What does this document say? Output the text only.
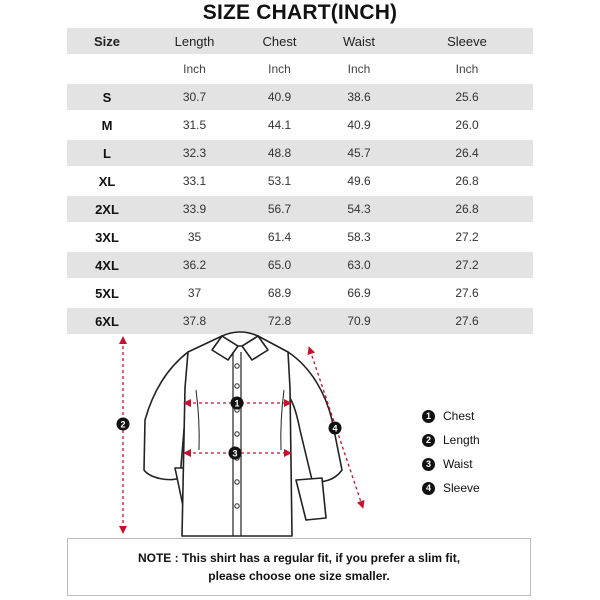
SIZE CHART(INCH)
Size	Length	Chest	Waist	Sleeve
	Inch	Inch	Inch	Inch
S	30.7	40.9	38.6	25.6
M	31.5	44.1	40.9	26.0
L	32.3	48.8	45.7	26.4
XL	33.1	53.1	49.6	26.8
2XL	33.9	56.7	54.3	26.8
3XL	35	61.4	58.3	27.2
4XL	36.2	65.0	63.0	27.2
5XL	37	68.9	66.9	27.6
6XL	37.8	72.8	70.9	27.6
1
2
3
4
1	Chest
2	Length
3	Waist
4	Sleeve
NOTE : This shirt has a regular fit, if you prefer a slim fit,
please choose one size smaller.
